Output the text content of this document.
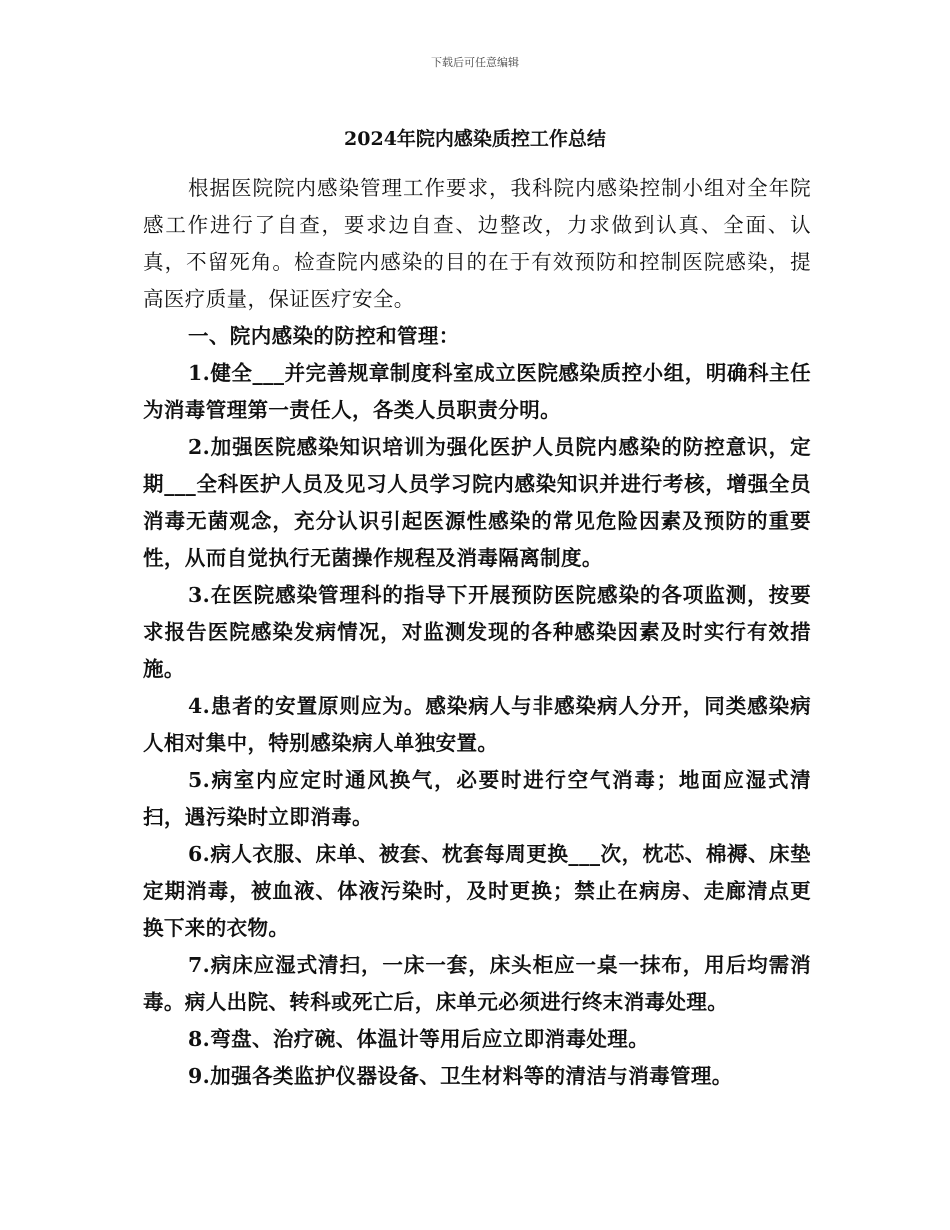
下载后可任意编辑
2024年院内感染质控工作总结

根据医院院内感染管理工作要求，我科院内感染控制小组对全年院感工作进行了自查，要求边自查、边整改，力求做到认真、全面、认真，不留死角。检查院内感染的目的在于有效预防和控制医院感染，提高医疗质量，保证医疗安全。

一、院内感染的防控和管理：

1.健全___并完善规章制度科室成立医院感染质控小组，明确科主任为消毒管理第一责任人，各类人员职责分明。

2.加强医院感染知识培训为强化医护人员院内感染的防控意识，定期___全科医护人员及见习人员学习院内感染知识并进行考核，增强全员消毒无菌观念，充分认识引起医源性感染的常见危险因素及预防的重要性，从而自觉执行无菌操作规程及消毒隔离制度。

3.在医院感染管理科的指导下开展预防医院感染的各项监测，按要求报告医院感染发病情况，对监测发现的各种感染因素及时实行有效措施。

4.患者的安置原则应为。感染病人与非感染病人分开，同类感染病人相对集中，特别感染病人单独安置。

5.病室内应定时通风换气，必要时进行空气消毒；地面应湿式清扫，遇污染时立即消毒。

6.病人衣服、床单、被套、枕套每周更换___次，枕芯、棉褥、床垫定期消毒，被血液、体液污染时，及时更换；禁止在病房、走廊清点更换下来的衣物。

7.病床应湿式清扫，一床一套，床头柜应一桌一抹布，用后均需消毒。病人出院、转科或死亡后，床单元必须进行终末消毒处理。

8.弯盘、治疗碗、体温计等用后应立即消毒处理。

9.加强各类监护仪器设备、卫生材料等的清洁与消毒管理。
